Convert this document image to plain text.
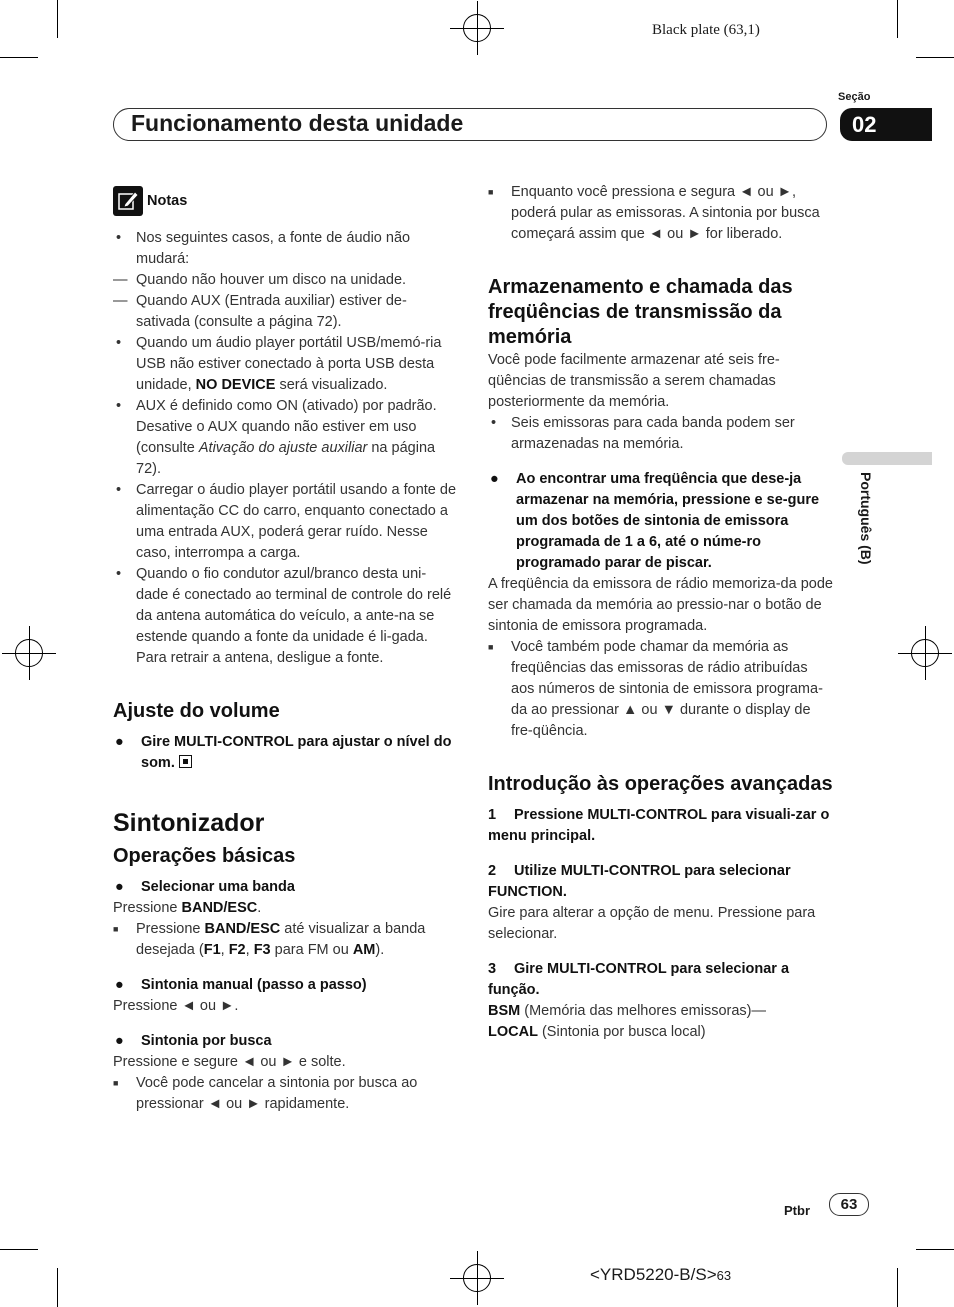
Black plate (63,1)
Seção
Funcionamento desta unidade	02
Português (B)
Notas
• Nos seguintes casos, a fonte de áudio não mudará:
— Quando não houver um disco na unidade.
— Quando AUX (Entrada auxiliar) estiver de-sativada (consulte a página 72).
• Quando um áudio player portátil USB/memó-ria USB não estiver conectado à porta USB desta unidade, NO DEVICE será visualizado.
• AUX é definido como ON (ativado) por padrão. Desative o AUX quando não estiver em uso (consulte Ativação do ajuste auxiliar na página 72).
• Carregar o áudio player portátil usando a fonte de alimentação CC do carro, enquanto conectado a uma entrada AUX, poderá gerar ruído. Nesse caso, interrompa a carga.
• Quando o fio condutor azul/branco desta uni-dade é conectado ao terminal de controle do relé da antena automática do veículo, a ante-na se estende quando a fonte da unidade é li-gada. Para retrair a antena, desligue a fonte.
Ajuste do volume
● Gire MULTI-CONTROL para ajustar o nível do som.
Sintonizador
Operações básicas
● Selecionar uma banda
Pressione BAND/ESC.
■ Pressione BAND/ESC até visualizar a banda desejada (F1, F2, F3 para FM ou AM).
● Sintonia manual (passo a passo)
Pressione ◄ ou ►.
● Sintonia por busca
Pressione e segure ◄ ou ► e solte.
■ Você pode cancelar a sintonia por busca ao pressionar ◄ ou ► rapidamente.
■ Enquanto você pressiona e segura ◄ ou ►, poderá pular as emissoras. A sintonia por busca começará assim que ◄ ou ► for liberado.
Armazenamento e chamada das freqüências de transmissão da memória
Você pode facilmente armazenar até seis fre-qüências de transmissão a serem chamadas posteriormente da memória.
• Seis emissoras para cada banda podem ser armazenadas na memória.
● Ao encontrar uma freqüência que dese-ja armazenar na memória, pressione e se-gure um dos botões de sintonia de emissora programada de 1 a 6, até o núme-ro programado parar de piscar.
A freqüência da emissora de rádio memoriza-da pode ser chamada da memória ao pressio-nar o botão de sintonia de emissora programada.
■ Você também pode chamar da memória as freqüências das emissoras de rádio atribuídas aos números de sintonia de emissora programa-da ao pressionar ▲ ou ▼ durante o display de fre-qüência.
Introdução às operações avançadas
1 Pressione MULTI-CONTROL para visuali-zar o menu principal.
2 Utilize MULTI-CONTROL para selecionar FUNCTION.
Gire para alterar a opção de menu. Pressione para selecionar.
3 Gire MULTI-CONTROL para selecionar a função.
BSM (Memória das melhores emissoras)—
LOCAL (Sintonia por busca local)
Ptbr 63
<YRD5220-B/S>63
